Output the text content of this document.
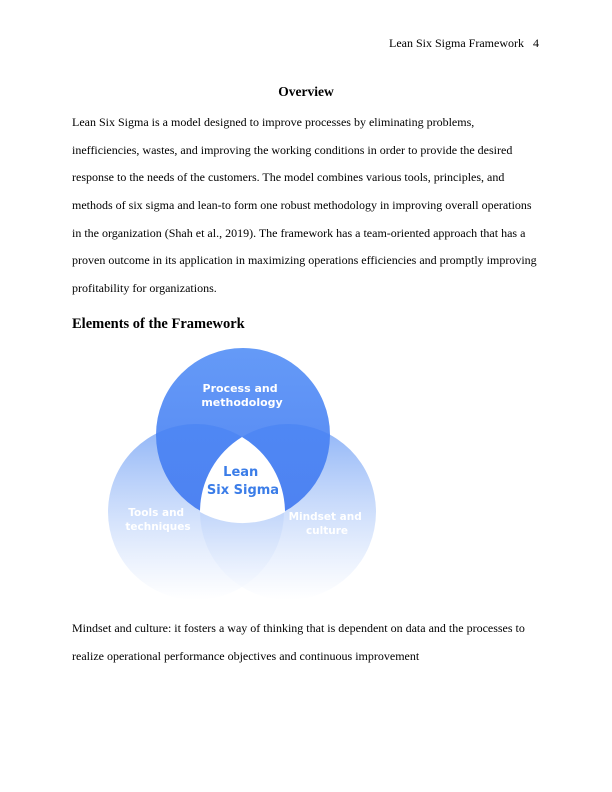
Lean Six Sigma Framework 4
Overview
Lean Six Sigma is a model designed to improve processes by eliminating problems,
inefficiencies, wastes, and improving the working conditions in order to provide the desired
response to the needs of the customers. The model combines various tools, principles, and
methods of six sigma and lean-to form one robust methodology in improving overall operations
in the organization (Shah et al., 2019). The framework has a team-oriented approach that has a
proven outcome in its application in maximizing operations efficiencies and promptly improving
profitability for organizations.
Elements of the Framework
Process and methodology
Tools and techniques
Mindset and culture
Lean Six Sigma
Mindset and culture: it fosters a way of thinking that is dependent on data and the processes to
realize operational performance objectives and continuous improvement
